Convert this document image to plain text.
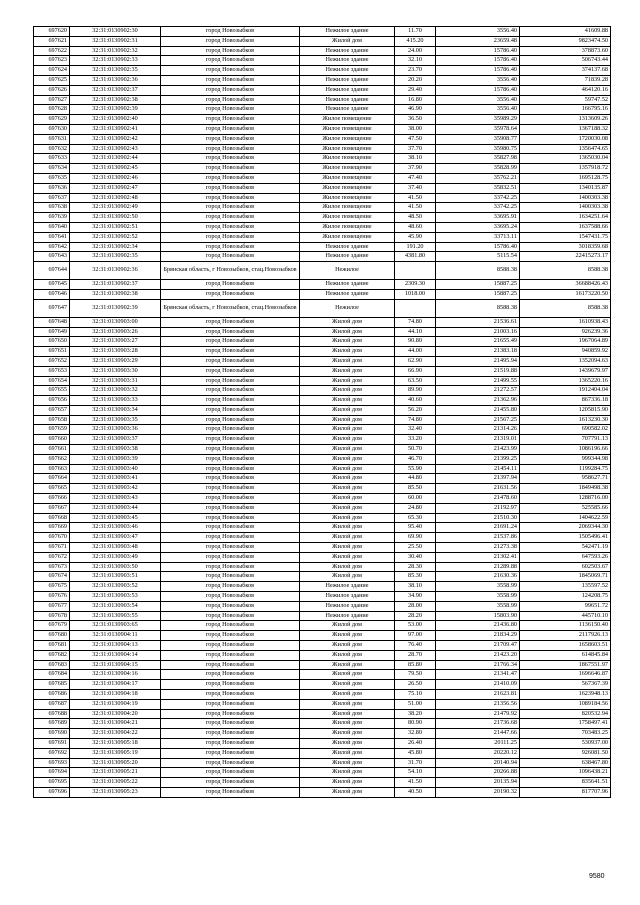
697620	32:31:0130902:30	город Новозыбков	Нежилое здание	11.70	3556.40	41609.88
697621	32:31:0130902:31	город Новозыбков	Жилой дом	415.20	23659.48	9823474.50
697622	32:31:0130902:32	город Новозыбков	Нежилое здание	24.00	15786.40	378873.60
697623	32:31:0130902:33	город Новозыбков	Нежилое здание	32.10	15786.40	506743.44
697624	32:31:0130902:35	город Новозыбков	Нежилое здание	23.70	15786.40	374137.68
697625	32:31:0130902:36	город Новозыбков	Нежилое здание	20.20	3556.40	71839.28
697626	32:31:0130902:37	город Новозыбков	Нежилое здание	29.40	15786.40	464120.16
697627	32:31:0130902:38	город Новозыбков	Нежилое здание	16.80	3556.40	59747.52
697628	32:31:0130902:39	город Новозыбков	Нежилое здание	46.90	3556.40	166795.16
697629	32:31:0130902:40	город Новозыбков	Жилое помещение	36.50	35989.29	1313609.26
697630	32:31:0130902:41	город Новозыбков	Жилое помещение	38.00	35978.64	1367188.32
697631	32:31:0130902:42	город Новозыбков	Жилое помещение	47.50	35908.77	1720030.08
697632	32:31:0130902:43	город Новозыбков	Жилое помещение	37.70	35980.75	1356474.65
697633	32:31:0130902:44	город Новозыбков	Жилое помещение	38.10	35827.98	1365030.04
697634	32:31:0130902:45	город Новозыбков	Жилое помещение	37.90	35828.99	1357918.72
697635	32:31:0130902:46	город Новозыбков	Жилое помещение	47.40	35762.21	1695128.75
697636	32:31:0130902:47	город Новозыбков	Жилое помещение	37.40	35832.51	1340135.87
697637	32:31:0130902:48	город Новозыбков	Жилое помещение	41.50	33742.25	1400303.38
697638	32:31:0130902:49	город Новозыбков	Жилое помещение	41.50	33742.25	1400303.38
697639	32:31:0130902:50	город Новозыбков	Жилое помещение	48.50	33695.91	1634251.64
697640	32:31:0130902:51	город Новозыбков	Жилое помещение	48.60	33695.24	1637588.66
697641	32:31:0130902:52	город Новозыбков	Жилое помещение	45.90	33713.11	1547431.75
697642	32:31:0130902:34	город Новозыбков	Нежилое здание	191.20	15786.40	3018359.68
697643	32:31:0130902:35	город Новозыбков	Нежилое здание	4381.80	5115.54	22415273.17
697644	32:31:0130902:36	Брянская область, г Новозыбков, стац.Новозыбков	Нежилое		8588.38	8588.38
697645	32:31:0130902:37	город Новозыбков	Нежилое здание	2309.30	15887.25	36688426.43
697646	32:31:0130902:38	город Новозыбков	Нежилое здание	1018.00	15887.25	16173220.50
697647	32:31:0130902:39	Брянская область, г Новозыбков, стац.Новозыбков	Нежилое		8588.38	8588.38
697648	32:31:0130903:00	город Новозыбков	Жилой дом	74.80	21536.61	1610938.43
697649	32:31:0130903:26	город Новозыбков	Жилой дом	44.10	21003.16	926239.36
697650	32:31:0130903:27	город Новозыбков	Жилой дом	90.80	21655.49	1967064.89
697651	32:31:0130903:28	город Новозыбков	Жилой дом	44.00	21383.18	940859.92
697652	32:31:0130903:29	город Новозыбков	Жилой дом	62.90	21495.94	1352094.63
697653	32:31:0130903:30	город Новозыбков	Жилой дом	66.90	21519.88	1439679.97
697654	32:31:0130903:31	город Новозыбков	Жилой дом	63.50	21499.55	1365220.16
697655	32:31:0130903:32	город Новозыбков	Жилой дом	89.90	21272.57	1912404.04
697656	32:31:0130903:33	город Новозыбков	Жилой дом	40.60	21362.96	867336.18
697657	32:31:0130903:34	город Новозыбков	Жилой дом	56.20	21455.80	1205815.90
697658	32:31:0130903:35	город Новозыбков	Жилой дом	74.80	21567.25	1613230.30
697659	32:31:0130903:36	город Новозыбков	Жилой дом	32.40	21314.26	690582.02
697660	32:31:0130903:37	город Новозыбков	Жилой дом	33.20	21319.01	707791.13
697661	32:31:0130903:38	город Новозыбков	Жилой дом	50.70	21423.99	1086196.66
697662	32:31:0130903:39	город Новозыбков	Жилой дом	46.70	21399.25	999344.98
697663	32:31:0130903:40	город Новозыбков	Жилой дом	55.90	21454.11	1199284.75
697664	32:31:0130903:41	город Новозыбков	Жилой дом	44.80	21397.94	958627.71
697665	32:31:0130903:42	город Новозыбков	Жилой дом	85.50	21631.56	1849498.38
697666	32:31:0130903:43	город Новозыбков	Жилой дом	60.00	21478.60	1288716.00
697667	32:31:0130903:44	город Новозыбков	Жилой дом	24.80	21192.97	525585.66
697668	32:31:0130903:45	город Новозыбков	Жилой дом	65.30	21510.30	1404622.59
697669	32:31:0130903:46	город Новозыбков	Жилой дом	95.40	21691.24	2069344.30
697670	32:31:0130903:47	город Новозыбков	Жилой дом	69.90	21537.86	1505496.41
697671	32:31:0130903:48	город Новозыбков	Жилой дом	25.50	21273.38	542471.19
697672	32:31:0130903:49	город Новозыбков	Жилой дом	30.40	21302.41	647593.26
697673	32:31:0130903:50	город Новозыбков	Жилой дом	28.30	21289.88	602503.67
697674	32:31:0130903:51	город Новозыбков	Жилой дом	85.30	21630.36	1845069.71
697675	32:31:0130903:52	город Новозыбков	Нежилое здание	38.10	3558.99	135597.52
697676	32:31:0130903:53	город Новозыбков	Нежилое здание	34.90	3558.99	124208.75
697677	32:31:0130903:54	город Новозыбков	Нежилое здание	28.00	3558.99	99651.72
697678	32:31:0130903:55	город Новозыбков	Нежилое здание	28.20	15803.90	445710.10
697679	32:31:0130903:65	город Новозыбков	Жилой дом	53.00	21436.80	1136150.40
697680	32:31:0130904:11	город Новозыбков	Жилой дом	97.00	21834.29	2117926.13
697681	32:31:0130904:13	город Новозыбков	Жилой дом	76.40	21709.47	1658603.51
697682	32:31:0130904:14	город Новозыбков	Жилой дом	28.70	21423.20	614845.84
697683	32:31:0130904:15	город Новозыбков	Жилой дом	85.80	21766.34	1867551.97
697684	32:31:0130904:16	город Новозыбков	Жилой дом	79.50	21341.47	1696646.87
697685	32:31:0130904:17	город Новозыбков	Жилой дом	26.50	21410.09	567367.39
697686	32:31:0130904:18	город Новозыбков	Жилой дом	75.10	21623.81	1623948.13
697687	32:31:0130904:19	город Новозыбков	Жилой дом	51.00	21356.56	1089184.56
697688	32:31:0130904:20	город Новозыбков	Жилой дом	38.20	21479.92	820532.94
697689	32:31:0130904:21	город Новозыбков	Жилой дом	80.90	21736.68	1758497.41
697690	32:31:0130904:22	город Новозыбков	Жилой дом	32.80	21447.66	703483.25
697691	32:31:0130905:18	город Новозыбков	Жилой дом	26.40	20111.25	530937.00
697692	32:31:0130905:19	город Новозыбков	Жилой дом	45.80	20220.12	926081.50
697693	32:31:0130905:20	город Новозыбков	Жилой дом	31.70	20140.94	638467.80
697694	32:31:0130905:21	город Новозыбков	Жилой дом	54.10	20266.88	1096438.21
697695	32:31:0130905:22	город Новозыбков	Жилой дом	41.50	20135.94	835641.51
697696	32:31:0130905:23	город Новозыбков	Жилой дом	40.50	20190.32	817707.96
9580
